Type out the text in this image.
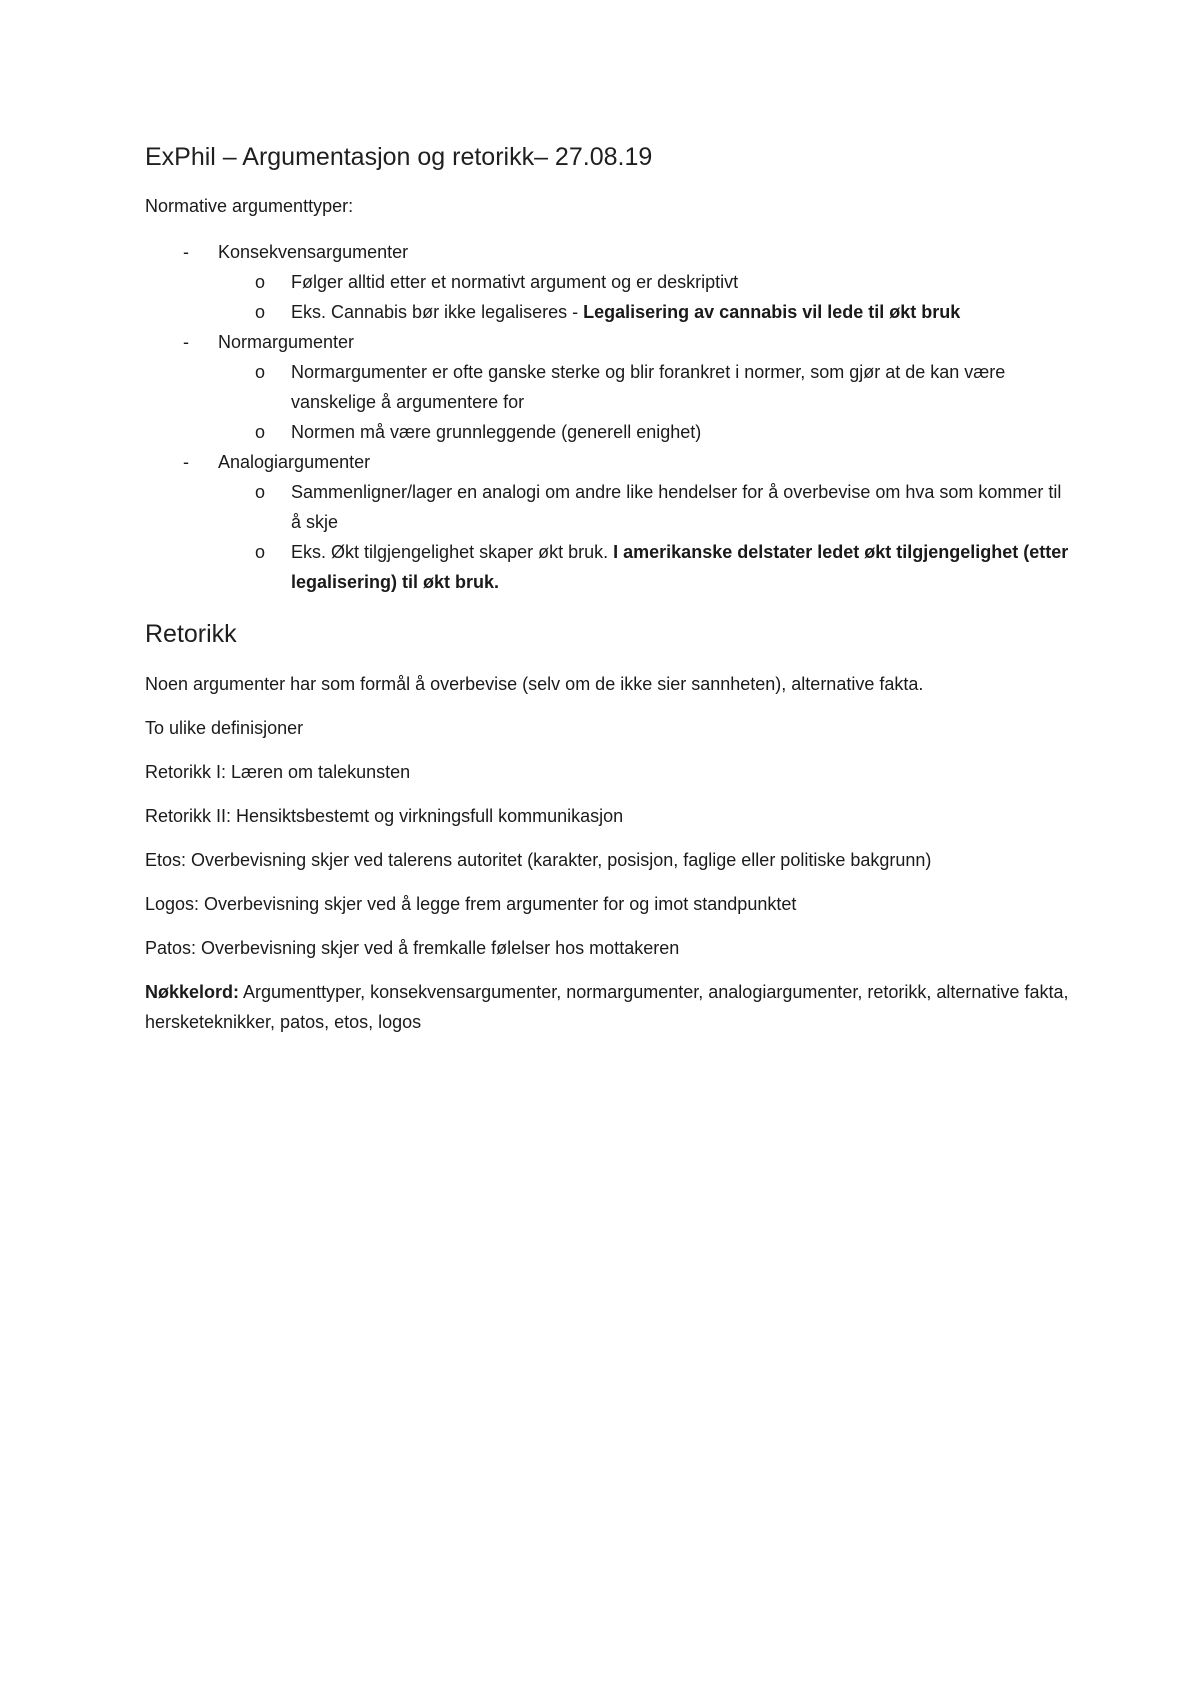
ExPhil – Argumentasjon og retorikk– 27.08.19

Normative argumenttyper:

- Konsekvensargumenter
o Følger alltid etter et normativt argument og er deskriptivt
o Eks. Cannabis bør ikke legaliseres - Legalisering av cannabis vil lede til økt bruk
- Normargumenter
o Normargumenter er ofte ganske sterke og blir forankret i normer, som gjør at de kan være vanskelige å argumentere for
o Normen må være grunnleggende (generell enighet)
- Analogiargumenter
o Sammenligner/lager en analogi om andre like hendelser for å overbevise om hva som kommer til å skje
o Eks. Økt tilgjengelighet skaper økt bruk. I amerikanske delstater ledet økt tilgjengelighet (etter legalisering) til økt bruk.
Retorikk

Noen argumenter har som formål å overbevise (selv om de ikke sier sannheten), alternative fakta.

To ulike definisjoner

Retorikk I: Læren om talekunsten

Retorikk II: Hensiktsbestemt og virkningsfull kommunikasjon

Etos: Overbevisning skjer ved talerens autoritet (karakter, posisjon, faglige eller politiske bakgrunn)

Logos: Overbevisning skjer ved å legge frem argumenter for og imot standpunktet

Patos: Overbevisning skjer ved å fremkalle følelser hos mottakeren

Nøkkelord: Argumenttyper, konsekvensargumenter, normargumenter, analogiargumenter, retorikk, alternative fakta, hersketeknikker, patos, etos, logos
